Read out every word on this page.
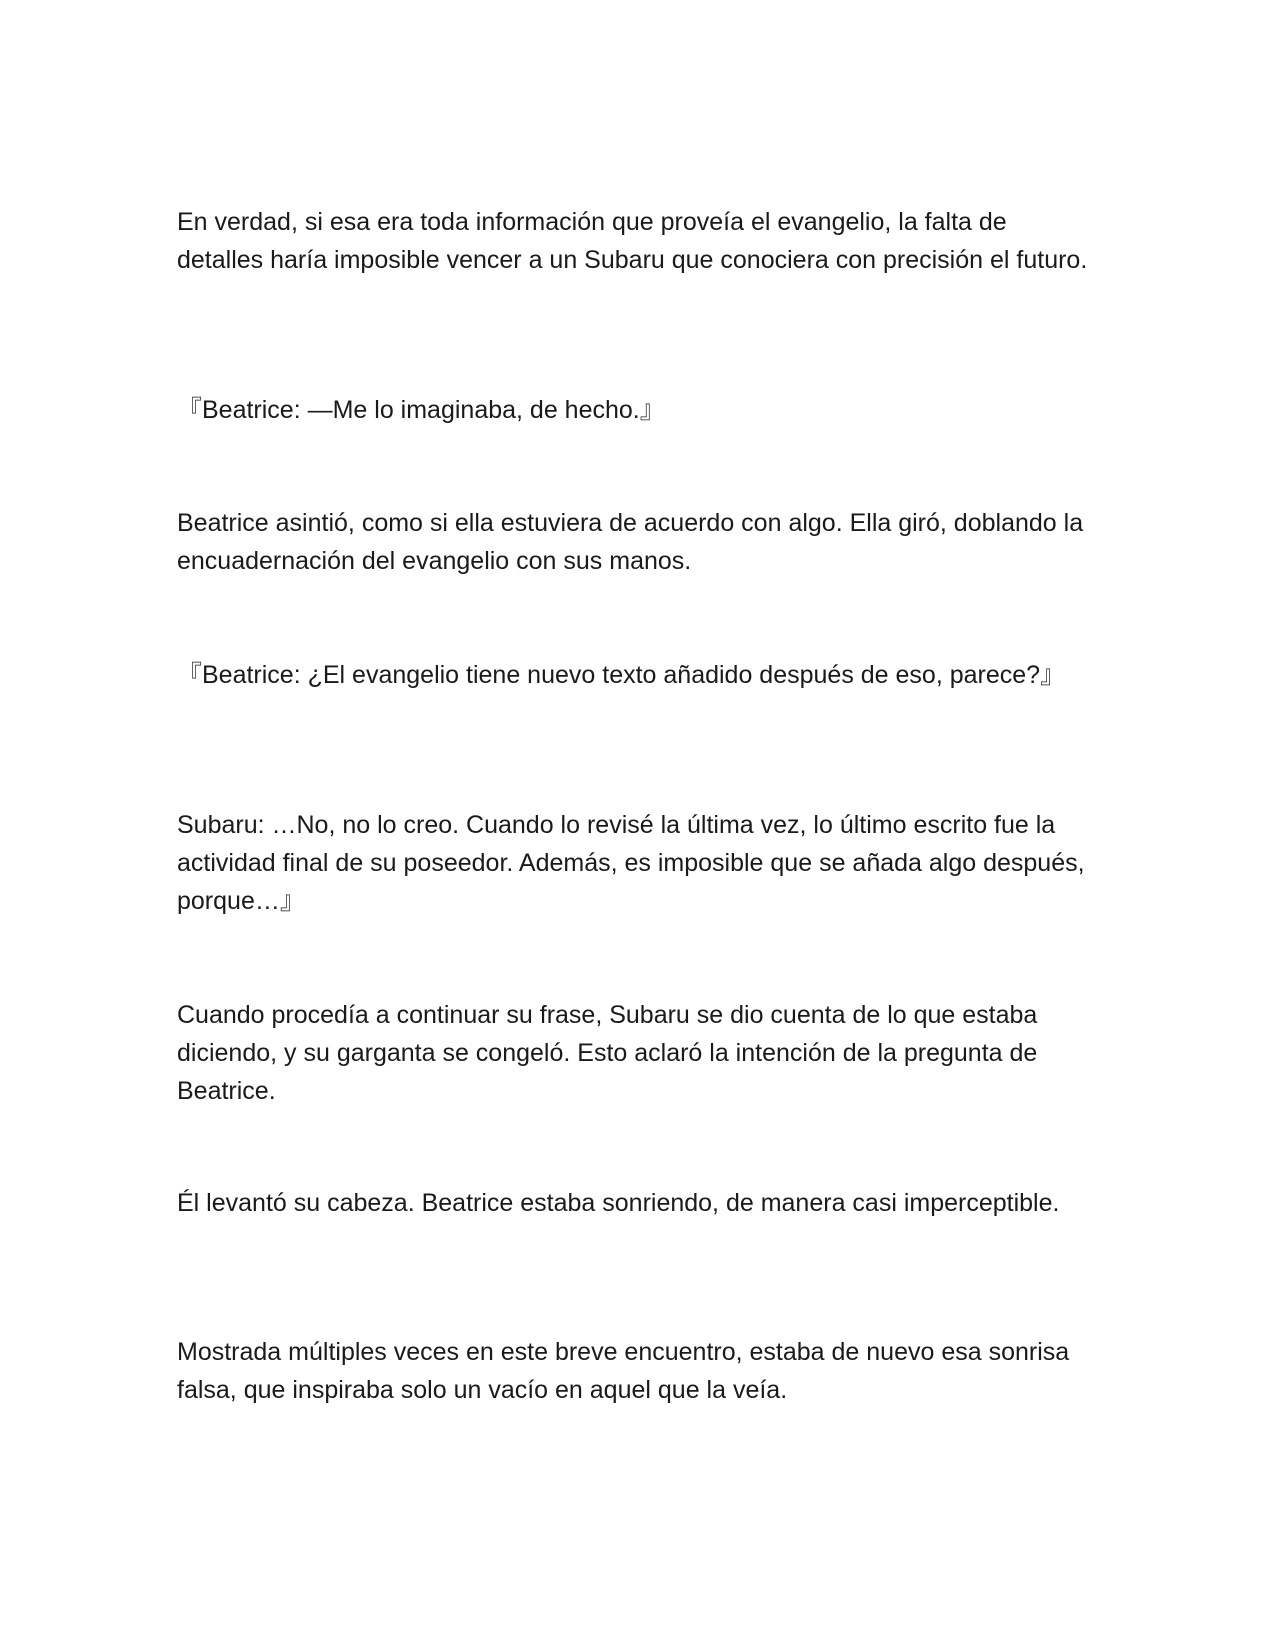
En verdad, si esa era toda información que proveía el evangelio, la falta de detalles haría imposible vencer a un Subaru que conociera con precisión el futuro.

『Beatrice: —Me lo imaginaba, de hecho.』

Beatrice asintió, como si ella estuviera de acuerdo con algo. Ella giró, doblando la encuadernación del evangelio con sus manos.

『Beatrice: ¿El evangelio tiene nuevo texto añadido después de eso, parece?』

Subaru: …No, no lo creo. Cuando lo revisé la última vez, lo último escrito fue la actividad final de su poseedor. Además, es imposible que se añada algo después, porque…』

Cuando procedía a continuar su frase, Subaru se dio cuenta de lo que estaba diciendo, y su garganta se congeló. Esto aclaró la intención de la pregunta de Beatrice.

Él levantó su cabeza. Beatrice estaba sonriendo, de manera casi imperceptible.

Mostrada múltiples veces en este breve encuentro, estaba de nuevo esa sonrisa falsa, que inspiraba solo un vacío en aquel que la veía.
